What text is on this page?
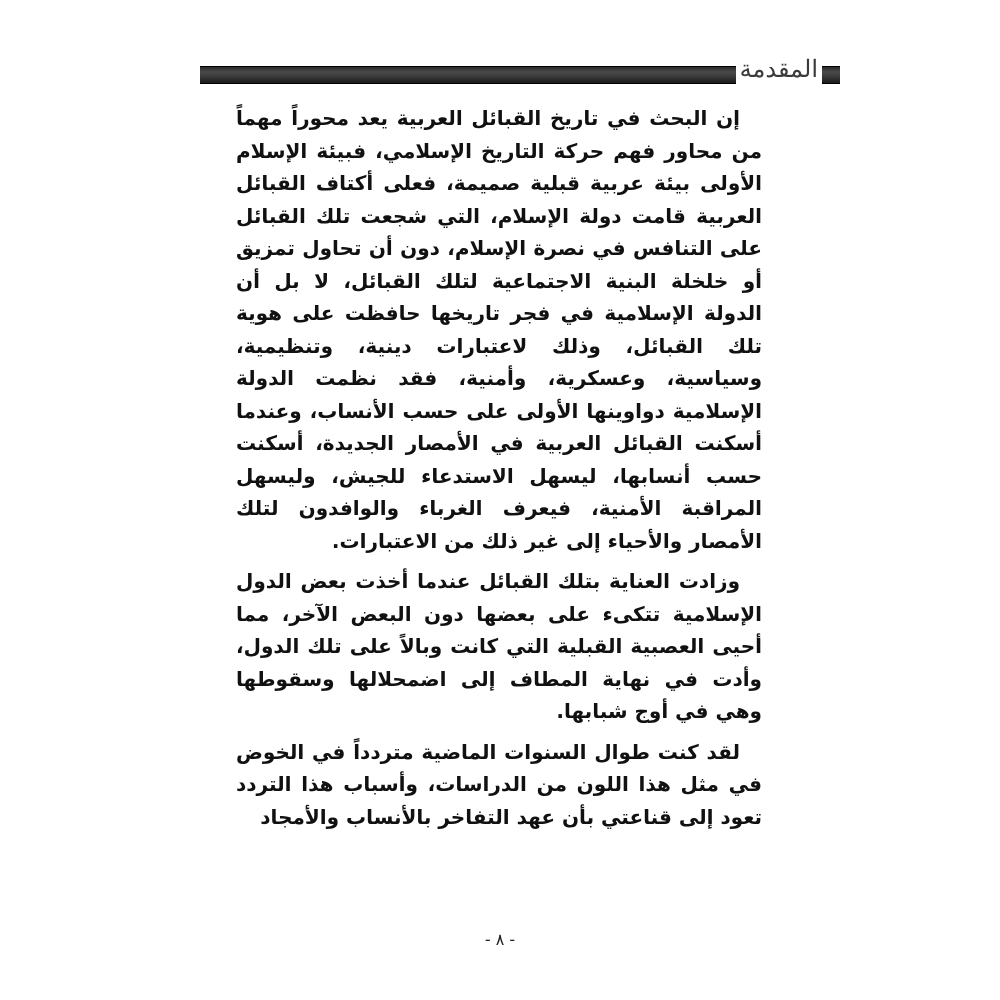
المقدمة

إن البحث في تاريخ القبائل العربية يعد محوراً مهماً من محاور فهم حركة التاريخ الإسلامي، فبيئة الإسلام الأولى بيئة عربية قبلية صميمة، فعلى أكتاف القبائل العربية قامت دولة الإسلام، التي شجعت تلك القبائل على التنافس في نصرة الإسلام، دون أن تحاول تمزيق أو خلخلة البنية الاجتماعية لتلك القبائل، لا بل أن الدولة الإسلامية في فجر تاريخها حافظت على هوية تلك القبائل، وذلك لاعتبارات دينية، وتنظيمية، وسياسية، وعسكرية، وأمنية، فقد نظمت الدولة الإسلامية دواوينها الأولى على حسب الأنساب، وعندما أسكنت القبائل العربية في الأمصار الجديدة، أسكنت حسب أنسابها، ليسهل الاستدعاء للجيش، وليسهل المراقبة الأمنية، فيعرف الغرباء والوافدون لتلك الأمصار والأحياء إلى غير ذلك من الاعتبارات.

وزادت العناية بتلك القبائل عندما أخذت بعض الدول الإسلامية تتكىء على بعضها دون البعض الآخر، مما أحيى العصبية القبلية التي كانت وبالاً على تلك الدول، وأدت في نهاية المطاف إلى اضمحلالها وسقوطها وهي في أوج شبابها.

لقد كنت طوال السنوات الماضية متردداً في الخوض في مثل هذا اللون من الدراسات، وأسباب هذا التردد تعود إلى قناعتي بأن عهد التفاخر بالأنساب والأمجاد

- ٨ -
